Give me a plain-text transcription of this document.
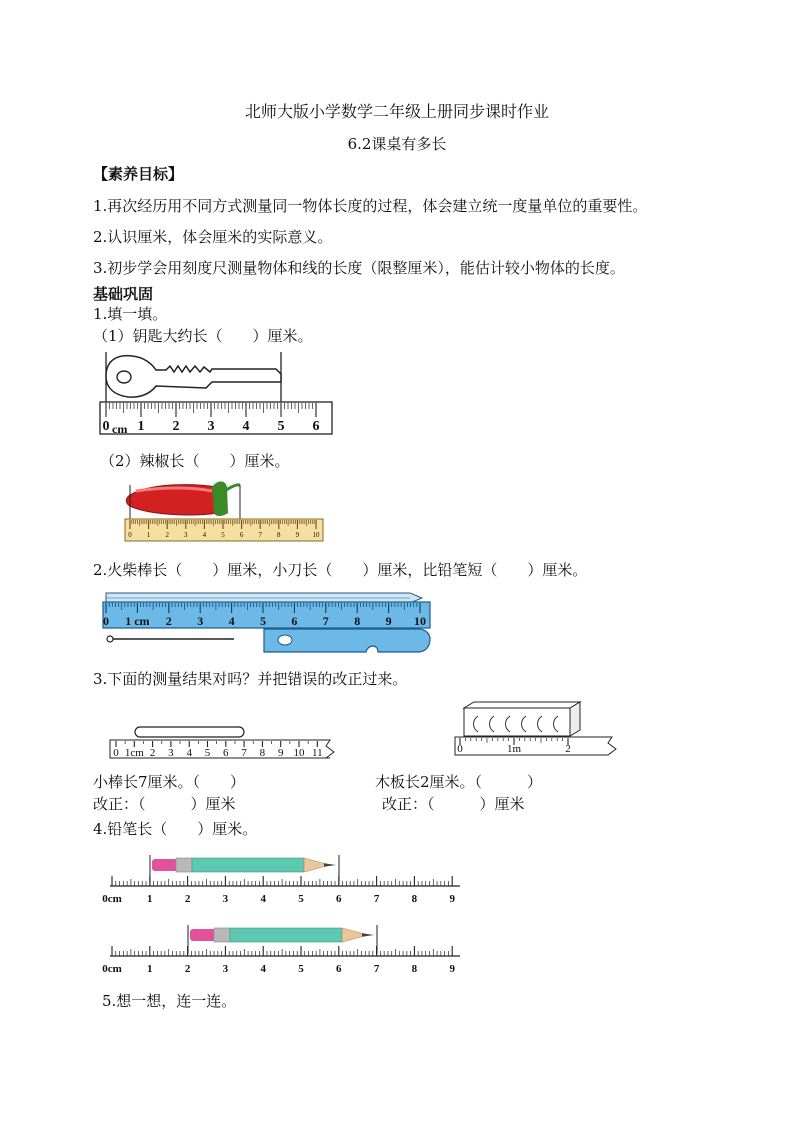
北师大版小学数学二年级上册同步课时作业
6.2课桌有多长
【素养目标】
1.再次经历用不同方式测量同一物体长度的过程，体会建立统一度量单位的重要性。
2.认识厘米，体会厘米的实际意义。
3.初步学会用刻度尺测量物体和线的长度（限整厘米），能估计较小物体的长度。
基础巩固
1.填一填。
（1）钥匙大约长（　　）厘米。
0 1 2 3 4 5 6
cm
（2）辣椒长（　　）厘米。
0 1 2 3 4 5 6 7 8 9 10
2.火柴棒长（　　）厘米，小刀长（　　）厘米，比铅笔短（　　）厘米。
0 1 cm 2 3 4 5 6 7 8 9 10
3.下面的测量结果对吗？并把错误的改正过来。
0 1cm 2 3 4 5 6 7 8 9 10 11	0	1m	2
小棒长7厘米。（　　）	木板长2厘米。（　　　）
改正：（　　　）厘米	改正：（　　　）厘米
4.铅笔长（　　）厘米。
0cm 1	2	3	4	5	6	7	8	9
0cm 1	2	3	4	5	6	7	8	9
5.想一想，连一连。
